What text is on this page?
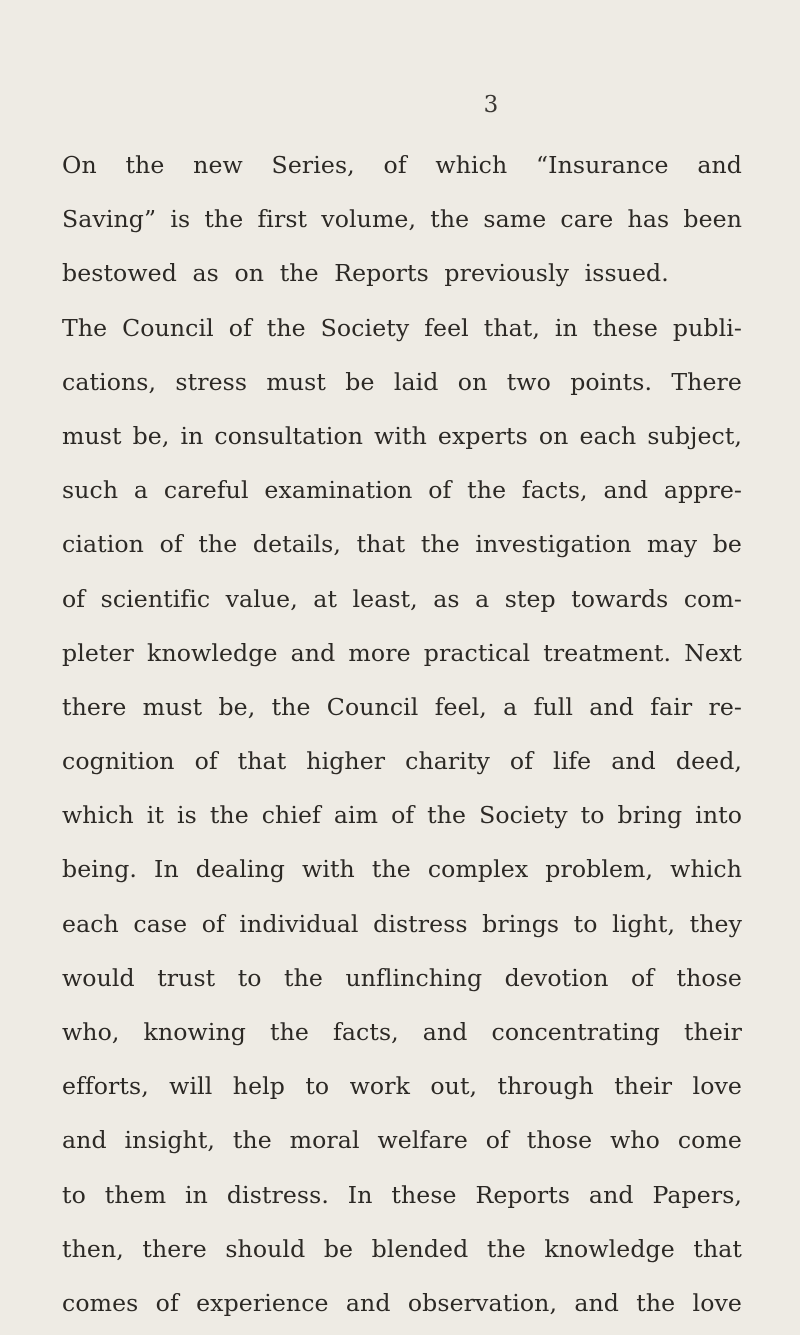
3
On the new Series, of which “Insurance and
Saving” is the first volume, the same care has been
bestowed as on the Reports previously issued.
The Council of the Society feel that, in these publi-
cations, stress must be laid on two points. There
must be, in consultation with experts on each subject,
such a careful examination of the facts, and appre-
ciation of the details, that the investigation may be
of scientific value, at least, as a step towards com-
pleter knowledge and more practical treatment. Next
there must be, the Council feel, a full and fair re-
cognition of that higher charity of life and deed,
which it is the chief aim of the Society to bring into
being. In dealing with the complex problem, which
each case of individual distress brings to light, they
would trust to the unflinching devotion of those
who, knowing the facts, and concentrating their
efforts, will help to work out, through their love
and insight, the moral welfare of those who come
to them in distress. In these Reports and Papers,
then, there should be blended the knowledge that
comes of experience and observation, and the love
